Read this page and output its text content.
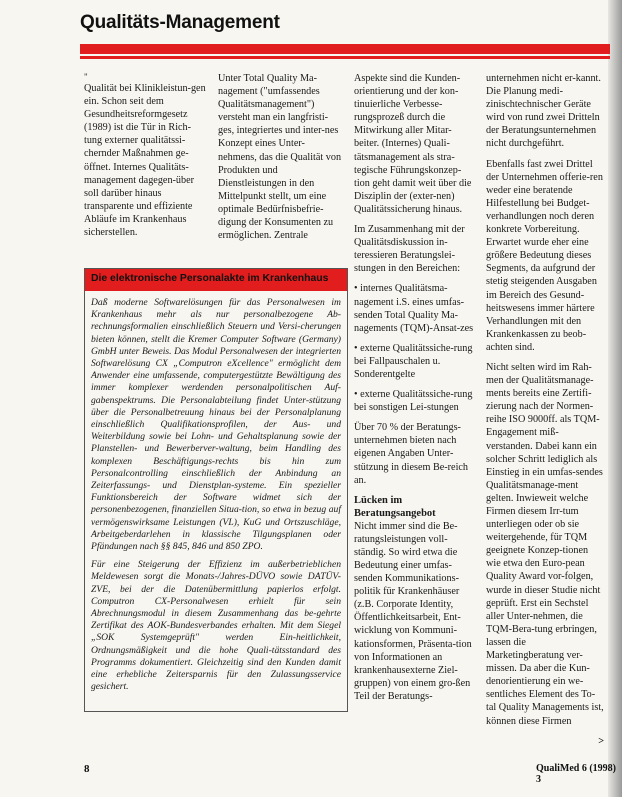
Qualitäts-Management
"

Qualität bei Klinikleistun-gen ein. Schon seit dem Gesundheitsreformgesetz (1989) ist die Tür in Rich-tung externer qualitätssi-chernder Maßnahmen ge-öffnet. Internes Qualitäts-management dagegen-über soll darüber hinaus transparente und effiziente Abläufe im Krankenhaus sicherstellen.

Unter Total Quality Ma-nagement ("umfassendes Qualitätsmanagement") versteht man ein langfristi-ges, integriertes und inter-nes Konzept eines Unter-nehmens, das die Qualität von Produkten und Dienstleistungen in den Mittelpunkt stellt, um eine optimale Bedürfnisbefrie-digung der Konsumenten zu ermöglichen. Zentrale

Aspekte sind die Kunden-orientierung und der kon-tinuierliche Verbesse-rungsprozeß durch die Mitwirkung aller Mitar-beiter. (Internes) Quali-tätsmanagement als stra-tegische Führungskonzep-tion geht damit weit über die Disziplin der (exter-nen) Qualitätssicherung hinaus.

Im Zusammenhang mit der Qualitätsdiskussion in-teressieren Beratungslei-stungen in den Bereichen:

• internes Qualitätsma-nagement i.S. eines umfas-senden Total Quality Ma-nagements (TQM)-Ansat-zes

• externe Qualitätssiche-rung bei Fallpauschalen u. Sonderentgelte

• externe Qualitätssiche-rung bei sonstigen Lei-stungen

Über 70 % der Beratungs-unternehmen bieten nach eigenen Angaben Unter-stützung in diesem Be-reich an.

Lücken im Beratungsangebot

Nicht immer sind die Be-ratungsleistungen voll-ständig. So wird etwa die Bedeutung einer umfas-senden Kommunikations-politik für Krankenhäuser (z.B. Corporate Identity, Öffentlichkeitsarbeit, Ent-wicklung von Kommuni-kationsformen, Präsenta-tion von Informationen an krankenhausexterne Ziel-gruppen) von einem gro-ßen Teil der Beratungs-

unternehmen nicht er-kannt. Die Planung medi-zinischtechnischer Geräte wird von rund zwei Dritteln der Beratungsunternehmen nicht durchgeführt.

Ebenfalls fast zwei Drittel der Unternehmen offerie-ren weder eine beratende Hilfestellung bei Budget-verhandlungen noch deren konkrete Vorbereitung. Erwartet wurde eher eine größere Bedeutung dieses Segments, da aufgrund der stetig steigenden Ausgaben im Bereich des Gesund-heitswesens immer härtere Verhandlungen mit den Krankenkassen zu beob-achten sind.

Nicht selten wird im Rah-men der Qualitätsmanage-ments bereits eine Zertifi-zierung nach der Normen-reihe ISO 9000ff. als TQM-Engagement miß-verstanden. Dabei kann ein solcher Schritt lediglich als Einstieg in ein umfas-sendes Qualitätsmanage-ment gelten. Inwieweit welche Firmen diesem Irr-tum unterliegen oder ob sie weitergehende, für TQM geeignete Konzep-tionen wie etwa den Euro-pean Quality Award vor-folgen, wurde in dieser Studie nicht geprüft. Erst ein Sechstel aller Unter-nehmen, die TQM-Bera-tung erbringen, lassen die Marketingberatung ver-missen. Da aber die Kun-denorientierung ein we-sentliches Element des To-tal Quality Managements ist, können diese Firmen

>
Die elektronische Personalakte im Krankenhaus

Daß moderne Softwarelösungen für das Personalwesen im Krankenhaus mehr als nur personalbezogene Ab-rechnungsformalien einschließlich Steuern und Versi-cherungen bieten können, stellt die Kremer Computer Software (Germany) GmbH unter Beweis. Das Modul Personalwesen der integrierten Softwarelösung CX „Computron eXcellence" ermöglicht dem Anwender eine umfassende, computergestützte Bewältigung des immer komplexer werdenden personalpolitischen Auf-gabenspektrums. Die Personalabteilung findet Unter-stützung über die Personalbetreuung hinaus bei der Personalplanung einschließlich Qualifikationsprofilen, der Aus- und Weiterbildung sowie bei Lohn- und Gehaltsplanung sowie der Planstellen- und Bewerberver-waltung, beim Handling des komplexen Beschäftigungs-rechts bis hin zum Personalcontrolling einschließlich der Anbindung an Zeiterfassungs- und Dienstplan-systeme. Ein spezieller Funktionsbereich der Software widmet sich der personenbezogenen, finanziellen Situa-tion, so etwa in bezug auf vermögenswirksame Leistungen (VL), KuG und Ortszuschläge, Arbeitgeberdarlehen in klassische Tilgungsplanen oder Pfändungen nach §§ 845, 846 und 850 ZPO.

Für eine Steigerung der Effizienz im außerbetrieblichen Meldewesen sorgt die Monats-/Jahres-DÜVO sowie DATÜV-ZVE, bei der die Datenübermittlung papierlos erfolgt. Computron CX-Personalwesen erhielt für sein Abrechnungsmodul in diesem Zusammenhang das be-gehrte Zertifikat des AOK-Bundesverbandes erhalten. Mit dem Siegel „SOK Systemgeprüft" werden Ein-heitlichkeit, Ordnungsmäßigkeit und die hohe Quali-tätsstandard des Programms dokumentiert. Gleichzeitig sind den Kunden damit eine erhebliche Zeitersparnis für den Zulassungsservice gesichert.

8	QualiMed 6 (1998) 3
